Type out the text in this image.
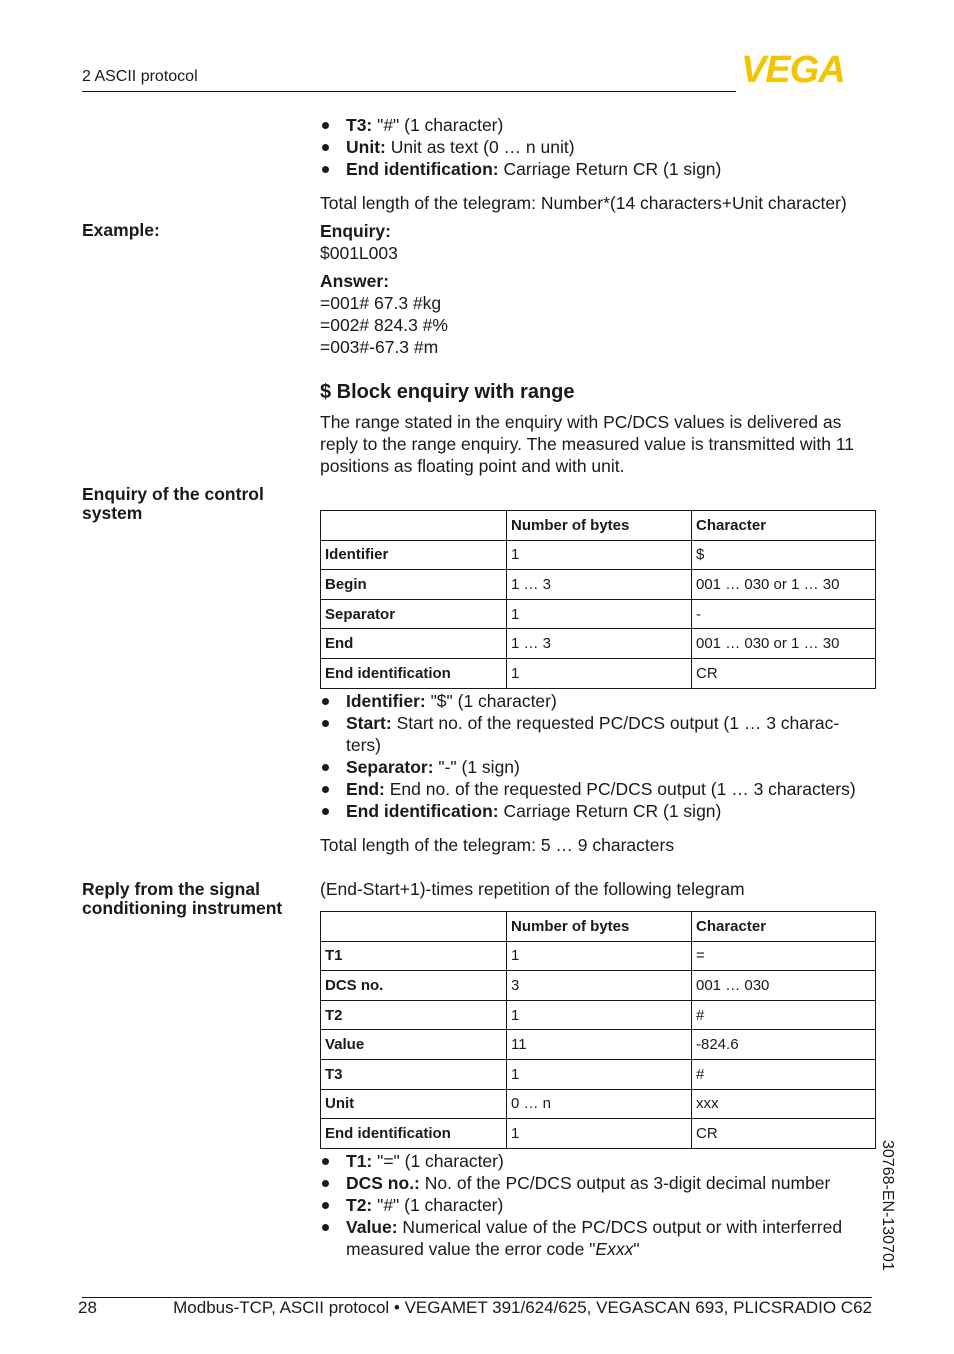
2 ASCII protocol	VEGA
T3: "#" (1 character)
Unit: Unit as text (0 … n unit)
End identification: Carriage Return CR (1 sign)
Total length of the telegram: Number*(14 characters+Unit character)
Example:	Enquiry:
$001L003
Answer:
=001# 67.3 #kg
=002# 824.3 #%
=003#-67.3 #m
$ Block enquiry with range
The range stated in the enquiry with PC/DCS values is delivered as
reply to the range enquiry. The measured value is transmitted with 11
positions as floating point and with unit.
Enquiry of the control
system
	Number of bytes	Character
Identifier	1	$
Begin	1 … 3	001 … 030 or 1 … 30
Separator	1	-
End	1 … 3	001 … 030 or 1 … 30
End identification	1	CR
Identifier: "$" (1 character)
Start: Start no. of the requested PC/DCS output (1 … 3 charac-
ters)
Separator: "-" (1 sign)
End: End no. of the requested PC/DCS output (1 … 3 characters)
End identification: Carriage Return CR (1 sign)
Total length of the telegram: 5 … 9 characters
Reply from the signal
conditioning instrument
(End-Start+1)-times repetition of the following telegram
	Number of bytes	Character
T1	1	=
DCS no.	3	001 … 030
T2	1	#
Value	11	-824.6
T3	1	#
Unit	0 … n	xxx
End identification	1	CR
T1: "=" (1 character)
DCS no.: No. of the PC/DCS output as 3-digit decimal number
T2: "#" (1 character)
Value: Numerical value of the PC/DCS output or with interferred
measured value the error code "Exxx"	30768-EN-130701
28	Modbus-TCP, ASCII protocol • VEGAMET 391/624/625, VEGASCAN 693, PLICSRADIO C62
